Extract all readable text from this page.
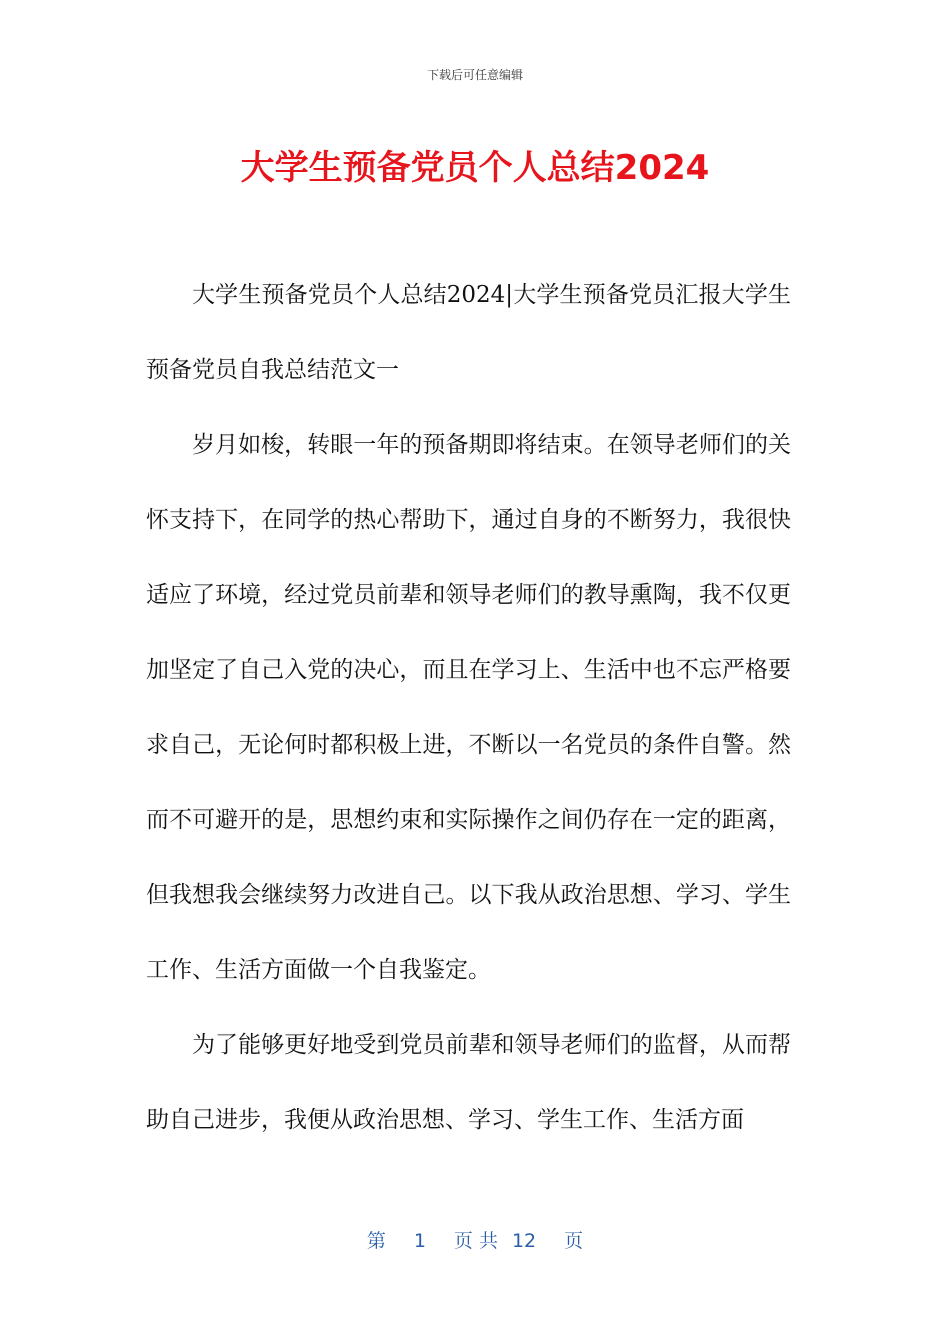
下载后可任意编辑
大学生预备党员个人总结2024

大学生预备党员个人总结2024|大学生预备党员汇报大学生预备党员自我总结范文一

岁月如梭，转眼一年的预备期即将结束。在领导老师们的关怀支持下，在同学的热心帮助下，通过自身的不断努力，我很快适应了环境，经过党员前辈和领导老师们的教导熏陶，我不仅更加坚定了自己入党的决心，而且在学习上、生活中也不忘严格要求自己，无论何时都积极上进，不断以一名党员的条件自警。然而不可避开的是，思想约束和实际操作之间仍存在一定的距离，但我想我会继续努力改进自己。以下我从政治思想、学习、学生工作、生活方面做一个自我鉴定。

为了能够更好地受到党员前辈和领导老师们的监督，从而帮助自己进步，我便从政治思想、学习、学生工作、生活方面

第 1 页 共 12 页
